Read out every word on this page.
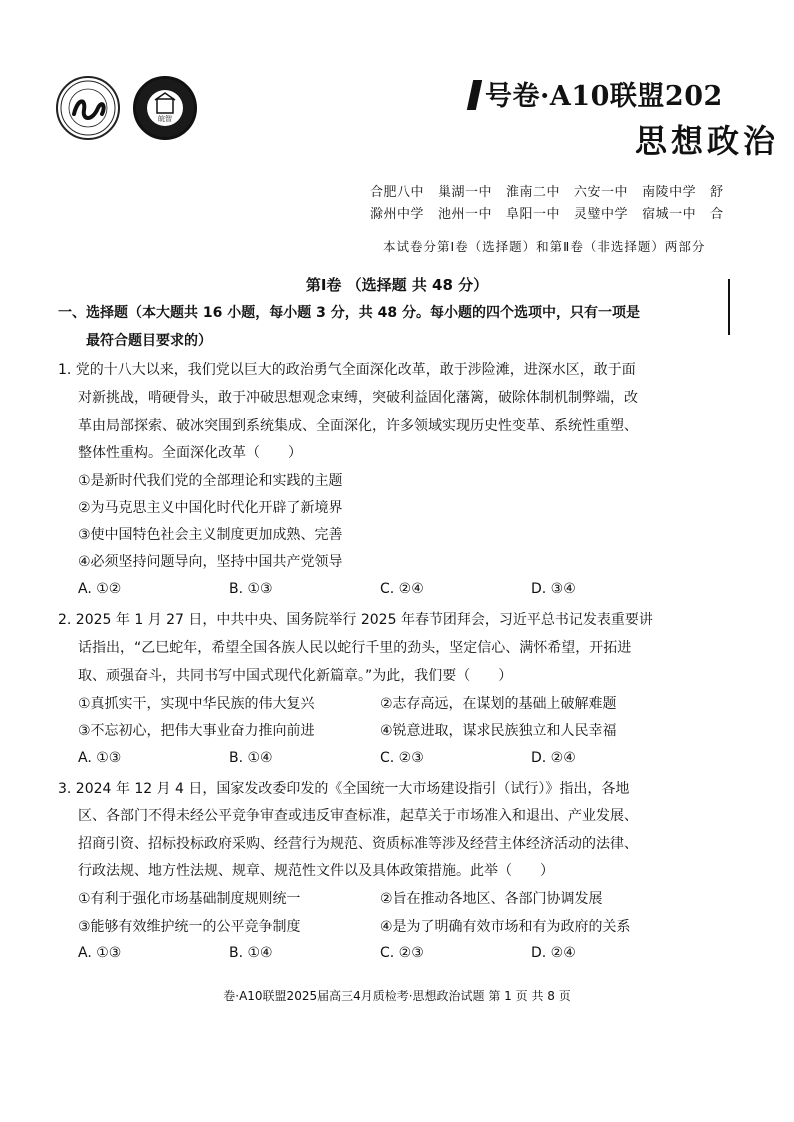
皖智
号卷·A10联盟202
思想政治
合肥八中 巢湖一中 淮南二中 六安一中 南陵中学 舒
滁州中学 池州一中 阜阳一中 灵璧中学 宿城一中 合
本试卷分第Ⅰ卷（选择题）和第Ⅱ卷（非选择题）两部分
第Ⅰ卷 （选择题 共 48 分）
一、选择题（本大题共 16 小题，每小题 3 分，共 48 分。每小题的四个选项中，只有一项是
最符合题目要求的）
1. 党的十八大以来，我们党以巨大的政治勇气全面深化改革，敢于涉险滩，进深水区，敢于面
对新挑战，啃硬骨头，敢于冲破思想观念束缚，突破利益固化藩篱，破除体制机制弊端，改
革由局部探索、破冰突围到系统集成、全面深化，许多领域实现历史性变革、系统性重塑、
整体性重构。全面深化改革（　　）
①是新时代我们党的全部理论和实践的主题
②为马克思主义中国化时代化开辟了新境界
③使中国特色社会主义制度更加成熟、完善
④必须坚持问题导向，坚持中国共产党领导
A. ①②	B. ①③	C. ②④	D. ③④
2. 2025 年 1 月 27 日，中共中央、国务院举行 2025 年春节团拜会，习近平总书记发表重要讲
话指出，“乙巳蛇年，希望全国各族人民以蛇行千里的劲头，坚定信心、满怀希望，开拓进
取、顽强奋斗，共同书写中国式现代化新篇章。”为此，我们要（　　）
①真抓实干，实现中华民族的伟大复兴	②志存高远，在谋划的基础上破解难题
③不忘初心，把伟大事业奋力推向前进	④锐意进取，谋求民族独立和人民幸福
A. ①③	B. ①④	C. ②③	D. ②④
3. 2024 年 12 月 4 日，国家发改委印发的《全国统一大市场建设指引（试行）》指出，各地
区、各部门不得未经公平竞争审查或违反审查标准，起草关于市场准入和退出、产业发展、
招商引资、招标投标政府采购、经营行为规范、资质标准等涉及经营主体经济活动的法律、
行政法规、地方性法规、规章、规范性文件以及具体政策措施。此举（　　）
①有利于强化市场基础制度规则统一	②旨在推动各地区、各部门协调发展
③能够有效维护统一的公平竞争制度	④是为了明确有效市场和有为政府的关系
A. ①③	B. ①④	C. ②③	D. ②④
卷·A10联盟2025届高三4月质检考·思想政治试题 第 1 页 共 8 页
